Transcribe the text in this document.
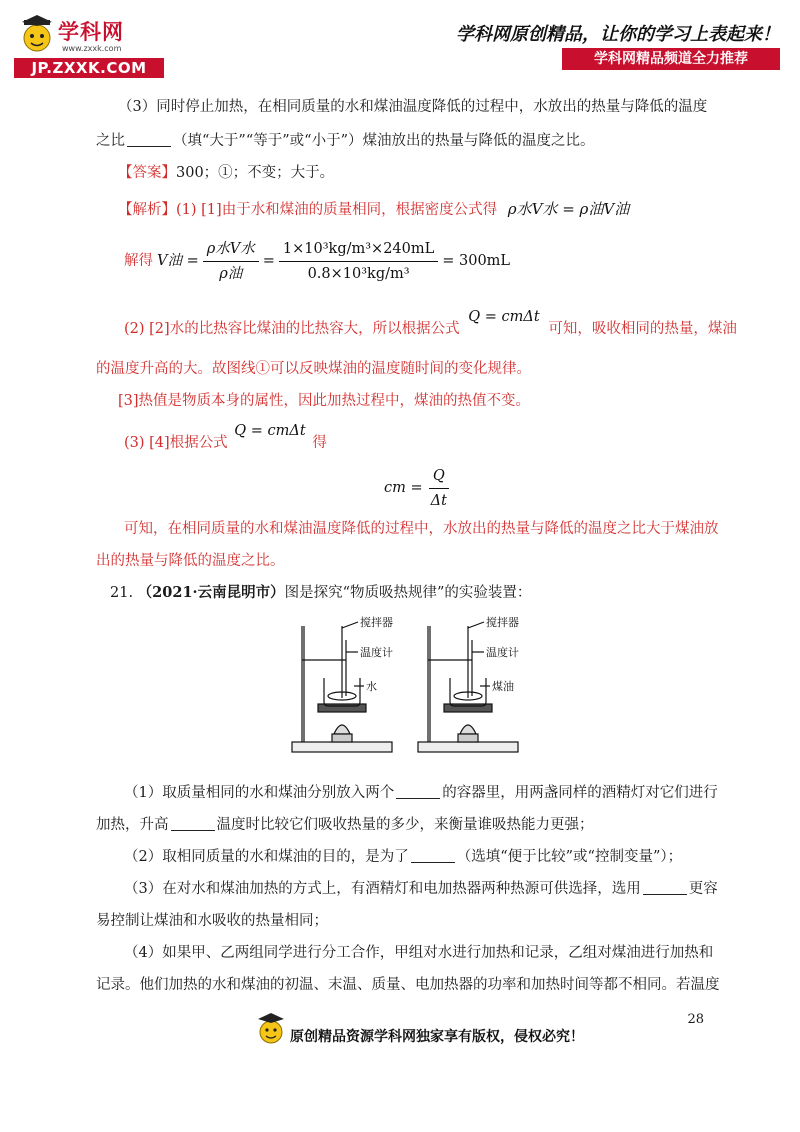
学科网
www.zxxk.com
JP.ZXXK.COM
学科网原创精品，让你的学习上表起来！
学科网精品频道全力推荐
（3）同时停止加热，在相同质量的水和煤油温度降低的过程中，水放出的热量与降低的温度
之比	（填“大于”“等于”或“小于”）煤油放出的热量与降低的温度之比。
【答案】300；①；不变；大于。
【解析】(1) [1]由于水和煤油的质量相同，根据密度公式得 ρ水V水 = ρ油V油
解得 V油 = $\frac{\text{ρ水V水}}{\text{ρ油}} = \frac{\text{1×10³kg/m³×240mL}}{\text{0.8×10³kg/m³}} = 300mL$
(2) [2]水的比热容比煤油的比热容大，所以根据公式 Q = cmΔt 可知，吸收相同的热量，煤油
的温度升高的大。故图线①可以反映煤油的温度随时间的变化规律。
[3]热值是物质本身的属性，因此加热过程中，煤油的热值不变。
(3) [4]根据公式 Q = cmΔt 得
cm = $\frac{Q}{\Delta t}$
可知，在相同质量的水和煤油温度降低的过程中，水放出的热量与降低的温度之比大于煤油放
出的热量与降低的温度之比。
21. （2021·云南昆明市）图是探究“物质吸热规律”的实验装置：
搅拌器
温度计
水
搅拌器
温度计
煤油
（1）取质量相同的水和煤油分别放入两个	的容器里，用两盏同样的酒精灯对它们进行
加热，升高	温度时比较它们吸收热量的多少，来衡量谁吸热能力更强；
（2）取相同质量的水和煤油的目的，是为了	（选填“便于比较”或“控制变量”）；
（3）在对水和煤油加热的方式上，有酒精灯和电加热器两种热源可供选择，选用	更容
易控制让煤油和水吸收的热量相同；
（4）如果甲、乙两组同学进行分工合作，甲组对水进行加热和记录，乙组对煤油进行加热和
记录。他们加热的水和煤油的初温、末温、质量、电加热器的功率和加热时间等都不相同。若温度
28
原创精品资源学科网独家享有版权，侵权必究！
